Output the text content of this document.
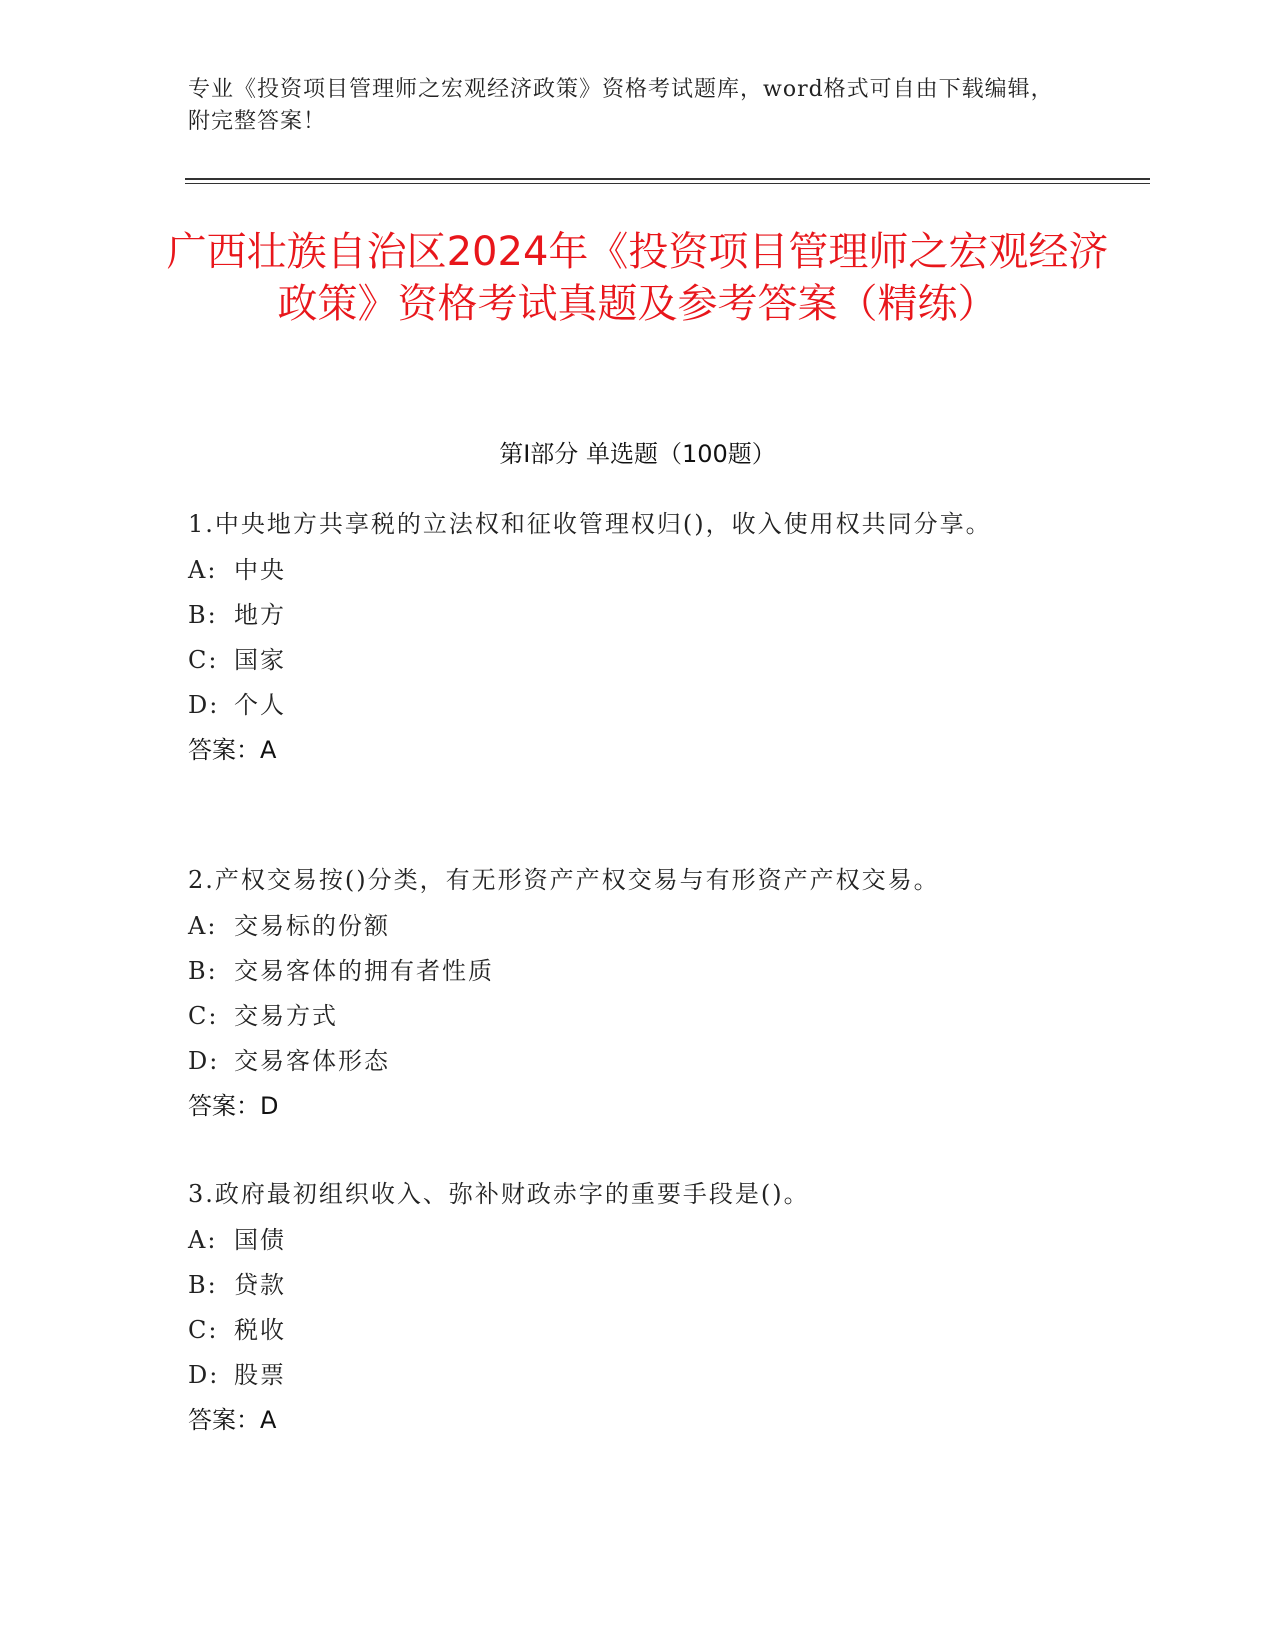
专业《投资项目管理师之宏观经济政策》资格考试题库，word格式可自由下载编辑，附完整答案！
广西壮族自治区2024年《投资项目管理师之宏观经济政策》资格考试真题及参考答案（精练）
第I部分 单选题（100题）
1.中央地方共享税的立法权和征收管理权归()，收入使用权共同分享。
A: 中央
B: 地方
C: 国家
D: 个人
答案：A
2.产权交易按()分类，有无形资产产权交易与有形资产产权交易。
A: 交易标的份额
B: 交易客体的拥有者性质
C: 交易方式
D: 交易客体形态
答案：D
3.政府最初组织收入、弥补财政赤字的重要手段是()。
A: 国债
B: 贷款
C: 税收
D: 股票
答案：A
